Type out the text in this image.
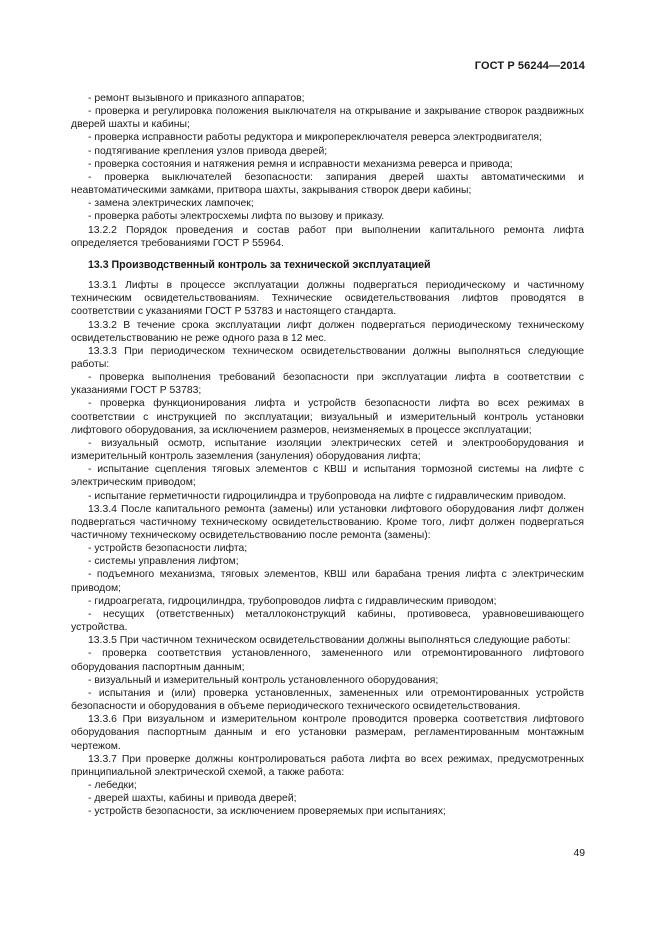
ГОСТ Р 56244—2014

- ремонт вызывного и приказного аппаратов;

- проверка и регулировка положения выключателя на открывание и закрывание створок раздвижных дверей шахты и кабины;

- проверка исправности работы редуктора и микропереключателя реверса электродвигателя;

- подтягивание крепления узлов привода дверей;

- проверка состояния и натяжения ремня и исправности механизма реверса и привода;

- проверка выключателей безопасности: запирания дверей шахты автоматическими и неавтоматическими замками, притвора шахты, закрывания створок двери кабины;

- замена электрических лампочек;

- проверка работы электросхемы лифта по вызову и приказу.

13.2.2 Порядок проведения и состав работ при выполнении капитального ремонта лифта определяется требованиями ГОСТ Р 55964.

13.3 Производственный контроль за технической эксплуатацией

13.3.1 Лифты в процессе эксплуатации должны подвергаться периодическому и частичному техническим освидетельствованиям. Технические освидетельствования лифтов проводятся в соответствии с указаниями ГОСТ Р 53783 и настоящего стандарта.

13.3.2 В течение срока эксплуатации лифт должен подвергаться периодическому техническому освидетельствованию не реже одного раза в 12 мес.

13.3.3 При периодическом техническом освидетельствовании должны выполняться следующие работы:

- проверка выполнения требований безопасности при эксплуатации лифта в соответствии с указаниями ГОСТ Р 53783;

- проверка функционирования лифта и устройств безопасности лифта во всех режимах в соответствии с инструкцией по эксплуатации; визуальный и измерительный контроль установки лифтового оборудования, за исключением размеров, неизменяемых в процессе эксплуатации;

- визуальный осмотр, испытание изоляции электрических сетей и электрооборудования и измерительный контроль заземления (зануления) оборудования лифта;

- испытание сцепления тяговых элементов с КВШ и испытания тормозной системы на лифте с электрическим приводом;

- испытание герметичности гидроцилиндра и трубопровода на лифте с гидравлическим приводом.

13.3.4 После капитального ремонта (замены) или установки лифтового оборудования лифт должен подвергаться частичному техническому освидетельствованию. Кроме того, лифт должен подвергаться частичному техническому освидетельствованию после ремонта (замены):

- устройств безопасности лифта;

- системы управления лифтом;

- подъемного механизма, тяговых элементов, КВШ или барабана трения лифта с электрическим приводом;

- гидроагрегата, гидроцилиндра, трубопроводов лифта с гидравлическим приводом;

- несущих (ответственных) металлоконструкций кабины, противовеса, уравновешивающего устройства.

13.3.5 При частичном техническом освидетельствовании должны выполняться следующие работы:

- проверка соответствия установленного, замененного или отремонтированного лифтового оборудования паспортным данным;

- визуальный и измерительный контроль установленного оборудования;

- испытания и (или) проверка установленных, замененных или отремонтированных устройств безопасности и оборудования в объеме периодического технического освидетельствования.

13.3.6 При визуальном и измерительном контроле проводится проверка соответствия лифтового оборудования паспортным данным и его установки размерам, регламентированным монтажным чертежом.

13.3.7 При проверке должны контролироваться работа лифта во всех режимах, предусмотренных принципиальной электрической схемой, а также работа:

- лебедки;

- дверей шахты, кабины и привода дверей;

- устройств безопасности, за исключением проверяемых при испытаниях;

49
